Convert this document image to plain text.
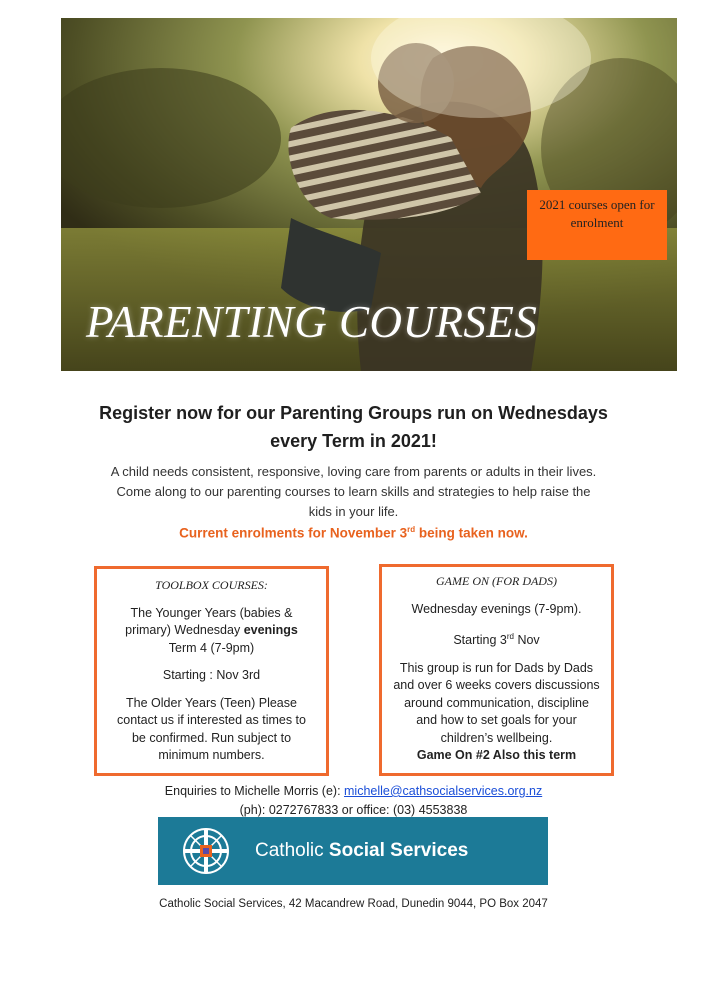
PARENTING COURSES
2021 courses open for enrolment
Register now for our Parenting Groups run on Wednesdays
every Term in 2021!
A child needs consistent, responsive, loving care from parents or adults in their lives.
Come along to our parenting courses to learn skills and strategies to help raise the
kids in your life.
Current enrolments for November 3rd being taken now.
TOOLBOX COURSES:

The Younger Years (babies & primary) Wednesday evenings Term 4 (7-9pm)

Starting : Nov 3rd

The Older Years (Teen) Please contact us if interested as times to be confirmed. Run subject to minimum numbers.

GAME ON (FOR DADS)

Wednesday evenings (7-9pm).

Starting 3rd Nov

This group is run for Dads by Dads and over 6 weeks covers discussions around communication, discipline and how to set goals for your children’s wellbeing.
Game On #2 Also this term
Enquiries to Michelle Morris (e): michelle@cathsocialservices.org.nz
(ph): 0272767833 or office: (03) 4553838
Catholic Social Services
Catholic Social Services, 42 Macandrew Road, Dunedin 9044, PO Box 2047
